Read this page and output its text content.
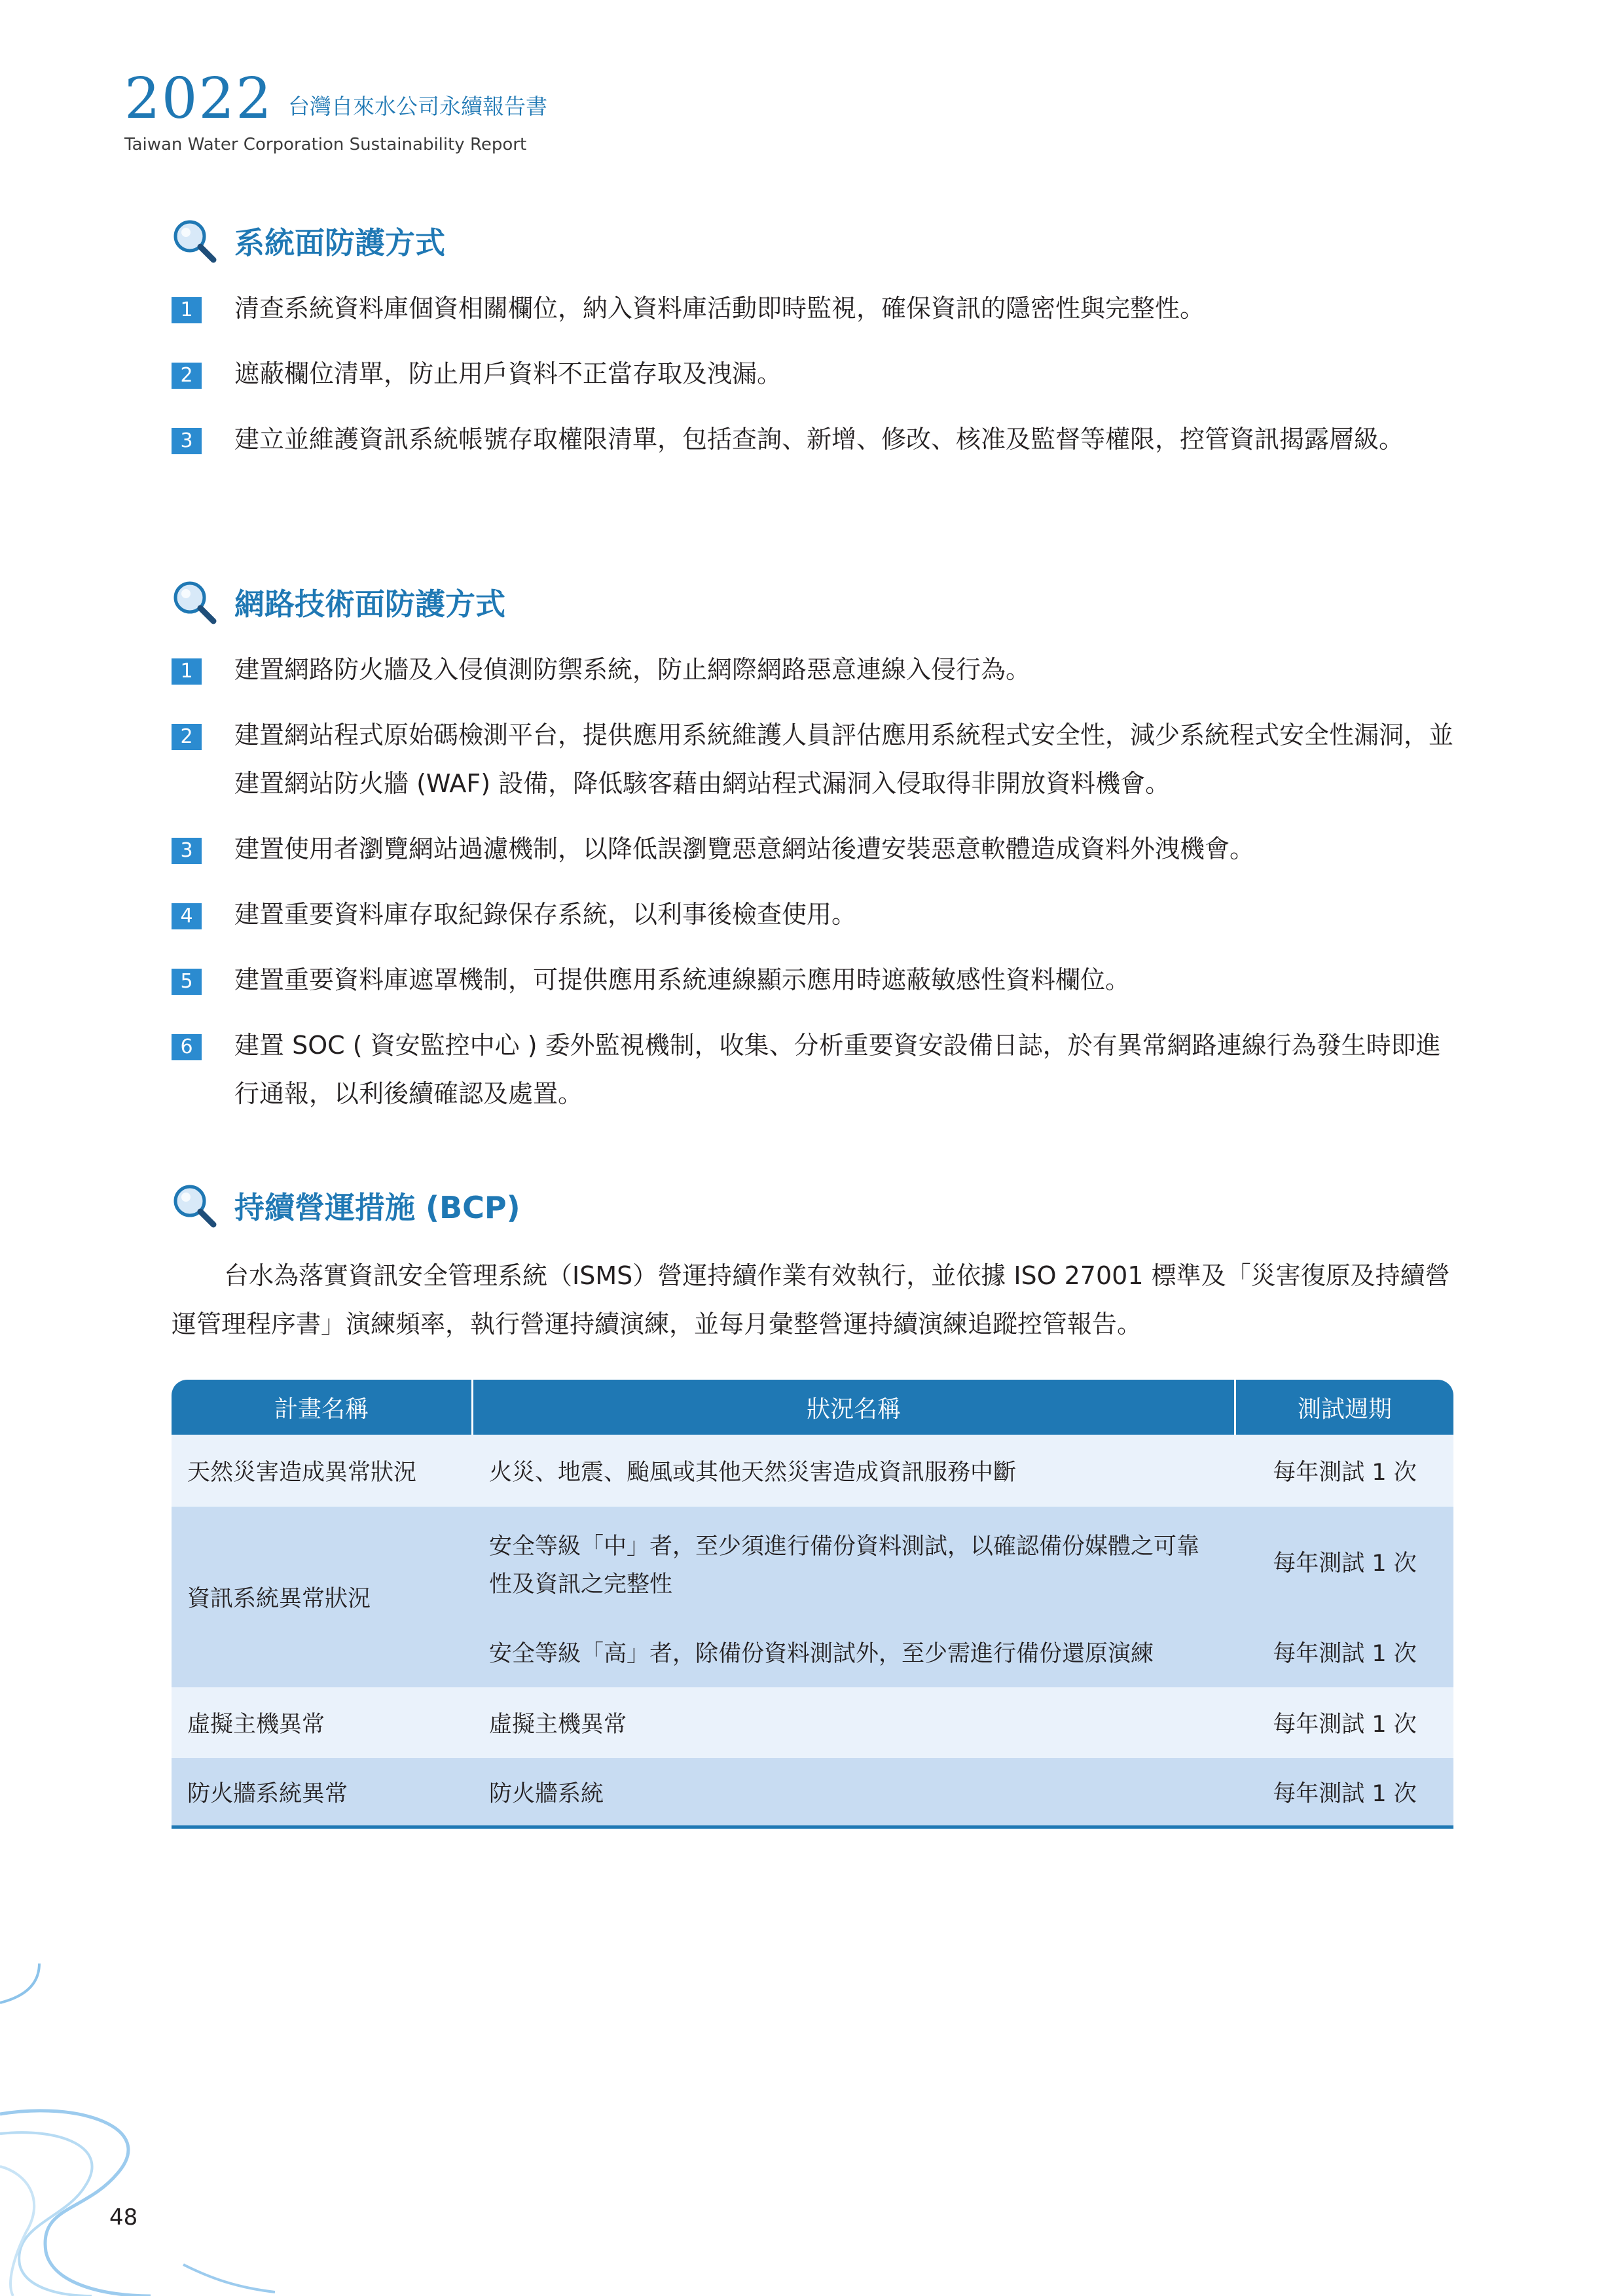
2022 台灣自來水公司永續報告書
Taiwan Water Corporation Sustainability Report
系統面防護方式
1	清查系統資料庫個資相關欄位，納入資料庫活動即時監視，確保資訊的隱密性與完整性。
2	遮蔽欄位清單，防止用戶資料不正當存取及洩漏。
3	建立並維護資訊系統帳號存取權限清單，包括查詢、新增、修改、核准及監督等權限，控管資訊揭露層級。
網路技術面防護方式
1	建置網路防火牆及入侵偵測防禦系統，防止網際網路惡意連線入侵行為。
2	建置網站程式原始碼檢測平台，提供應用系統維護人員評估應用系統程式安全性，減少系統程式安全性漏洞，並建置網站防火牆 (WAF) 設備，降低駭客藉由網站程式漏洞入侵取得非開放資料機會。
3	建置使用者瀏覽網站過濾機制，以降低誤瀏覽惡意網站後遭安裝惡意軟體造成資料外洩機會。
4	建置重要資料庫存取紀錄保存系統，以利事後檢查使用。
5	建置重要資料庫遮罩機制，可提供應用系統連線顯示應用時遮蔽敏感性資料欄位。
6	建置 SOC ( 資安監控中心 ) 委外監視機制，收集、分析重要資安設備日誌，於有異常網路連線行為發生時即進行通報，以利後續確認及處置。
持續營運措施 (BCP)
台水為落實資訊安全管理系統（ISMS）營運持續作業有效執行，並依據 ISO 27001 標準及「災害復原及持續營運管理程序書」演練頻率，執行營運持續演練，並每月彙整營運持續演練追蹤控管報告。
計畫名稱	狀況名稱	測試週期
天然災害造成異常狀況	火災、地震、颱風或其他天然災害造成資訊服務中斷	每年測試 1 次
資訊系統異常狀況	安全等級「中」者，至少須進行備份資料測試，以確認備份媒體之可靠性及資訊之完整性	每年測試 1 次
	安全等級「高」者，除備份資料測試外，至少需進行備份還原演練	每年測試 1 次
虛擬主機異常	虛擬主機異常	每年測試 1 次
防火牆系統異常	防火牆系統	每年測試 1 次
48
